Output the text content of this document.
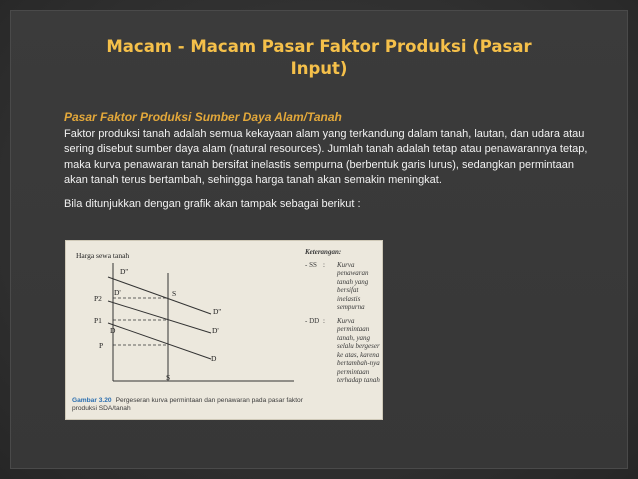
Macam - Macam Pasar Faktor Produksi (Pasar
Input)
Pasar Faktor Produksi Sumber Daya Alam/Tanah

Faktor produksi tanah adalah semua kekayaan alam yang terkandung dalam tanah, lautan, dan udara atau sering disebut sumber daya alam (natural resources). Jumlah tanah adalah tetap atau penawarannya tetap, maka kurva penawaran tanah bersifat inelastis sempurna (berbentuk garis lurus), sedangkan permintaan akan tanah terus bertambah, sehingga harga tanah akan semakin meningkat.

Bila ditunjukkan dengan grafik akan tampak sebagai berikut :

Harga sewa tanah
S
S
P2
P1
P
D''
D'
D
D''
D'
D
Keterangan:
- SS :	Kurva penawaran tanah yang bersifat inelastis sempurna
- DD :	Kurva permintaan tanah, yang selalu bergeser ke atas, karena bertambah-nya permintaan terhadap tanah
Gambar 3.20 Pergeseran kurva permintaan dan penawaran pada pasar faktor
produksi SDA/tanah
